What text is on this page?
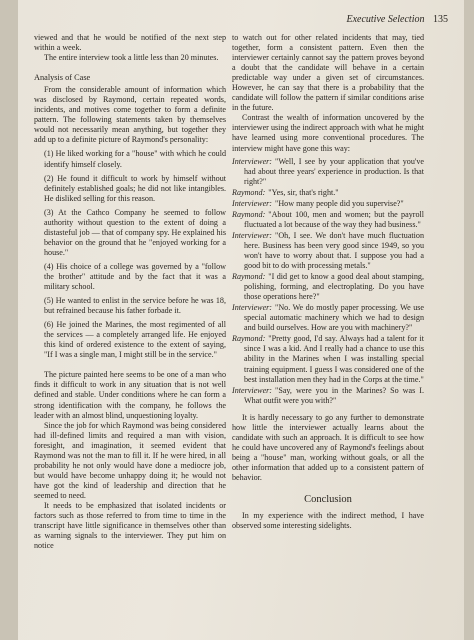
Executive Selection 135

viewed and that he would be notified of the next step within a week.

The entire interview took a little less than 20 minutes.

Analysis of Case

From the considerable amount of information which was disclosed by Raymond, certain repeated words, incidents, and motives come together to form a definite pattern. The following statements taken by themselves would not necessarily mean anything, but together they add up to a definite picture of Raymond's personality:

(1) He liked working for a "house" with which he could identify himself closely.

(2) He found it difficult to work by himself without definitely established goals; he did not like intangibles. He disliked selling for this reason.

(3) At the Cathco Company he seemed to follow authority without question to the extent of doing a distasteful job — that of company spy. He explained his behavior on the ground that he "enjoyed working for a house."

(4) His choice of a college was governed by a "follow the brother" attitude and by the fact that it was a military school.

(5) He wanted to enlist in the service before he was 18, but refrained because his father forbade it.

(6) He joined the Marines, the most regimented of all the services — a completely arranged life. He enjoyed this kind of ordered existence to the extent of saying, "If I was a single man, I might still be in the service."

The picture painted here seems to be one of a man who finds it difficult to work in any situation that is not well defined and stable. Under conditions where he can form a strong identification with the company, he follows the leader with an almost blind, unquestioning loyalty.

Since the job for which Raymond was being considered had ill-defined limits and required a man with vision, foresight, and imagination, it seemed evident that Raymond was not the man to fill it. If he were hired, in all probability he not only would have done a mediocre job, but would have become unhappy doing it; he would not have got the kind of leadership and direction that he seemed to need.

It needs to be emphasized that isolated incidents or factors such as those referred to from time to time in the transcript have little significance in themselves other than as warning signals to the interviewer. They put him on notice

to watch out for other related incidents that may, tied together, form a consistent pattern. Even then the interviewer certainly cannot say the pattern proves beyond a doubt that the candidate will behave in a certain predictable way under a given set of circumstances. However, he can say that there is a probability that the candidate will follow the pattern if similar conditions arise in the future.

Contrast the wealth of information uncovered by the interviewer using the indirect approach with what he might have learned using more conventional procedures. The interview might have gone this way:

Interviewer: "Well, I see by your application that you've had about three years' experience in production. Is that right?"

Raymond: "Yes, sir, that's right."

Interviewer: "How many people did you supervise?"

Raymond: "About 100, men and women; but the payroll fluctuated a lot because of the way they had business."

Interviewer: "Oh, I see. We don't have much fluctuation here. Business has been very good since 1949, so you won't have to worry about that. I suppose you had a good bit to do with processing metals."

Raymond: "I did get to know a good deal about stamping, polishing, forming, and electroplating. Do you have those operations here?"

Interviewer: "No. We do mostly paper processing. We use special automatic machinery which we had to design and build ourselves. How are you with machinery?"

Raymond: "Pretty good, I'd say. Always had a talent for it since I was a kid. And I really had a chance to use this ability in the Marines when I was installing special training equipment. I guess I was considered one of the best installation men they had in the Corps at the time."

Interviewer: "Say, were you in the Marines? So was I. What outfit were you with?"

It is hardly necessary to go any further to demonstrate how little the interviewer actually learns about the candidate with such an approach. It is difficult to see how he could have uncovered any of Raymond's feelings about being a "house" man, working without goals, or all the other information that added up to a consistent pattern of behavior.

Conclusion

In my experience with the indirect method, I have observed some interesting sidelights.
